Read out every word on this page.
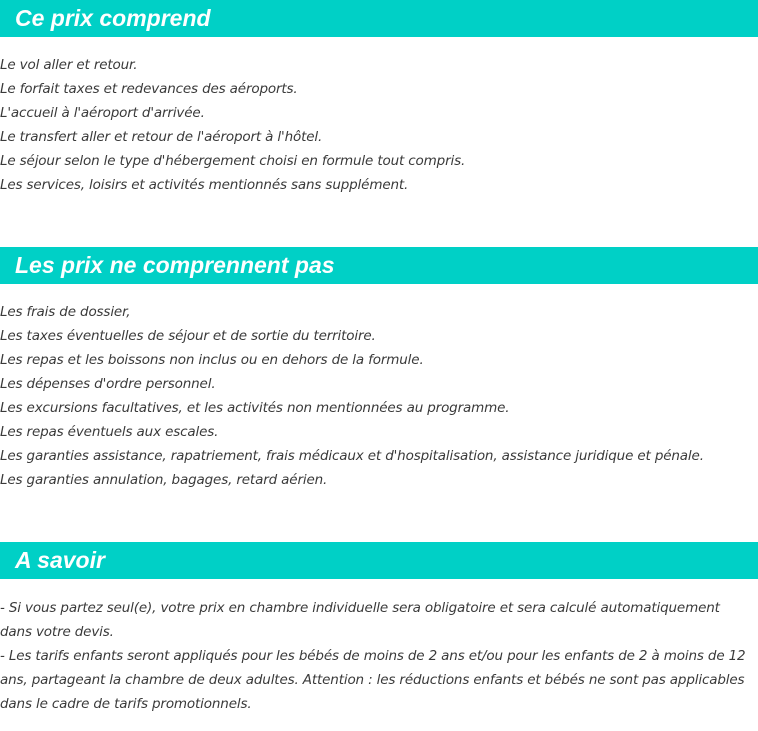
Ce prix comprend
Le vol aller et retour.
Le forfait taxes et redevances des aéroports.
L'accueil à l'aéroport d'arrivée.
Le transfert aller et retour de l'aéroport à l'hôtel.
Le séjour selon le type d'hébergement choisi en formule tout compris.
Les services, loisirs et activités mentionnés sans supplément.
Les prix ne comprennent pas
Les frais de dossier,
Les taxes éventuelles de séjour et de sortie du territoire.
Les repas et les boissons non inclus ou en dehors de la formule.
Les dépenses d'ordre personnel.
Les excursions facultatives, et les activités non mentionnées au programme.
Les repas éventuels aux escales.
Les garanties assistance, rapatriement, frais médicaux et d'hospitalisation, assistance juridique et pénale.
Les garanties annulation, bagages, retard aérien.
A savoir

- Si vous partez seul(e), votre prix en chambre individuelle sera obligatoire et sera calculé automatiquement dans votre devis.

- Les tarifs enfants seront appliqués pour les bébés de moins de 2 ans et/ou pour les enfants de 2 à moins de 12 ans, partageant la chambre de deux adultes. Attention : les réductions enfants et bébés ne sont pas applicables dans le cadre de tarifs promotionnels.
